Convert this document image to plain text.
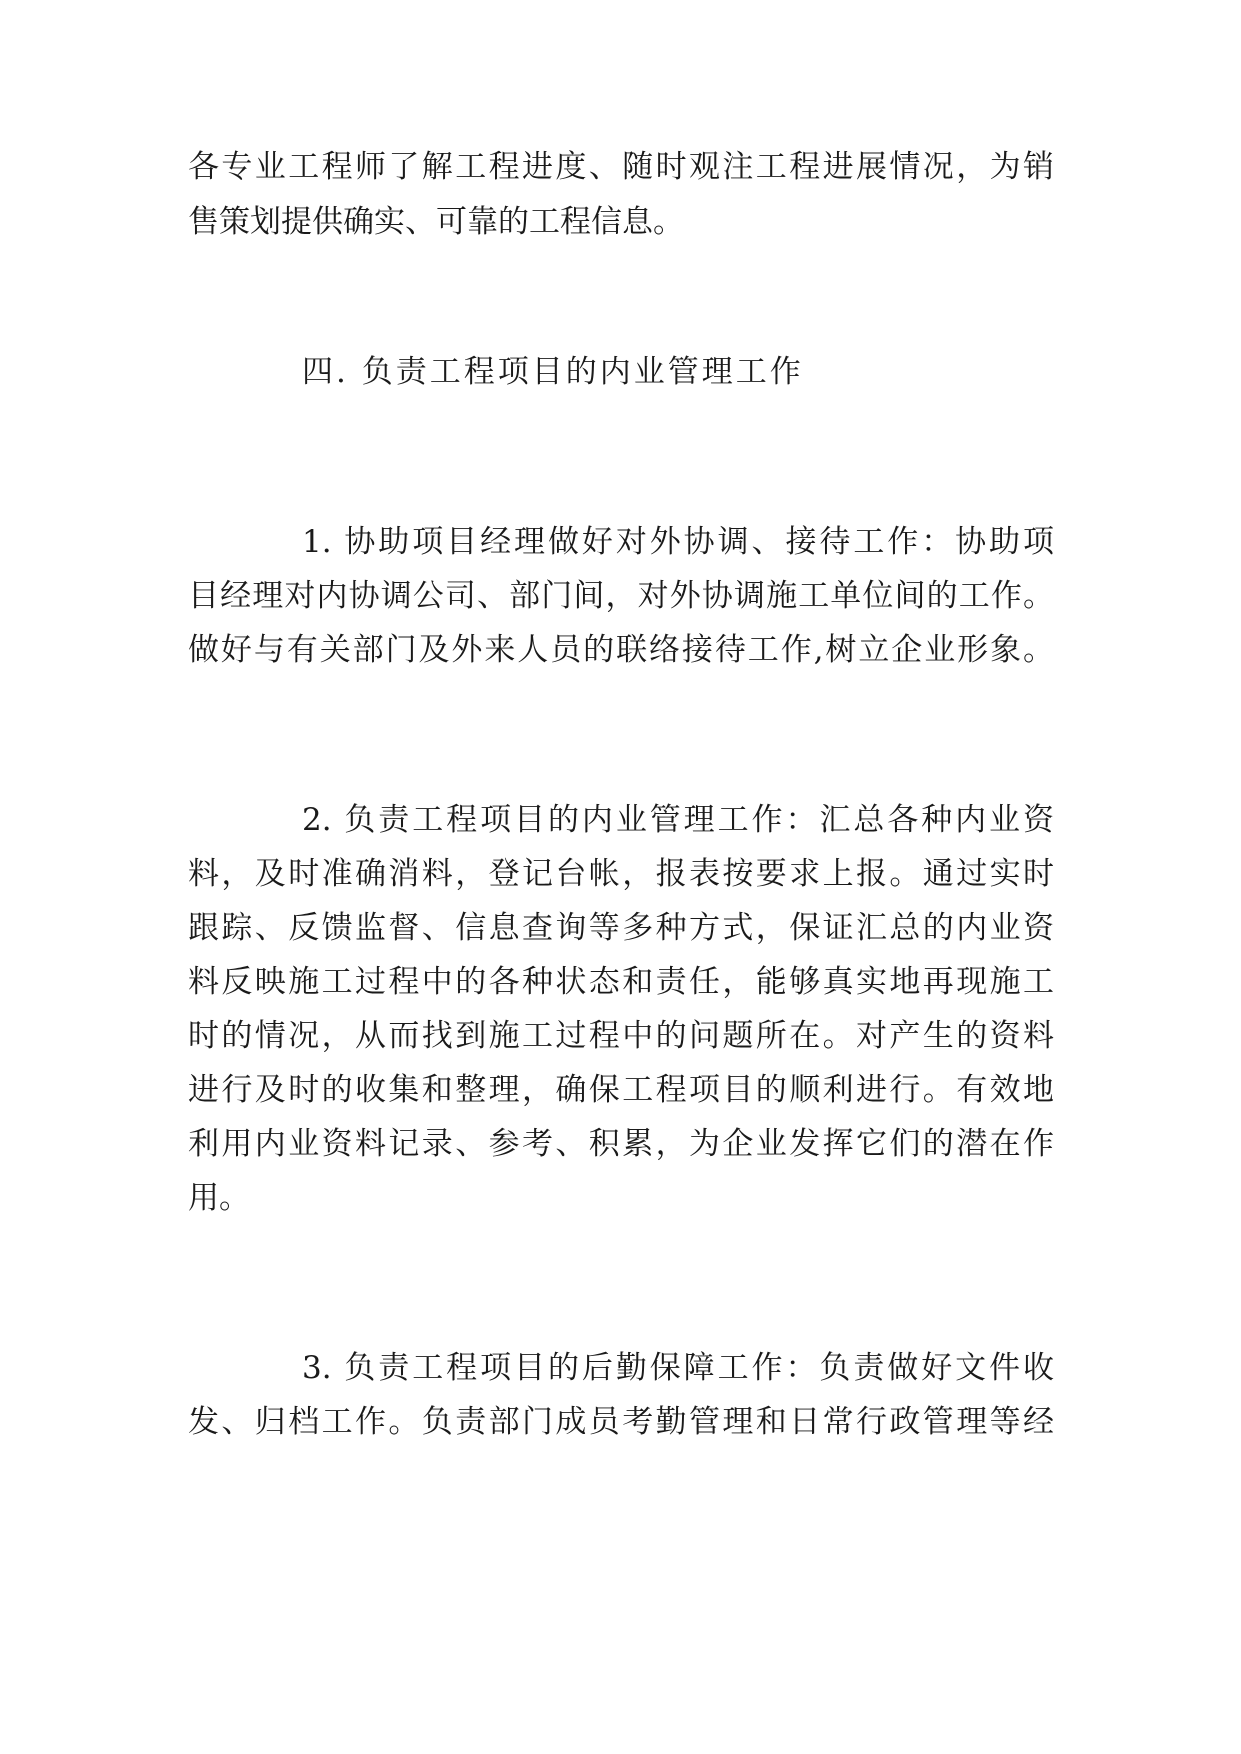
各专业工程师了解工程进度、随时观注工程进展情况，为销
售策划提供确实、可靠的工程信息。
四. 负责工程项目的内业管理工作
1. 协助项目经理做好对外协调、接待工作：协助项
目经理对内协调公司、部门间，对外协调施工单位间的工作。
做好与有关部门及外来人员的联络接待工作,树立企业形象。
2. 负责工程项目的内业管理工作：汇总各种内业资
料，及时准确消料，登记台帐，报表按要求上报。通过实时
跟踪、反馈监督、信息查询等多种方式，保证汇总的内业资
料反映施工过程中的各种状态和责任，能够真实地再现施工
时的情况，从而找到施工过程中的问题所在。对产生的资料
进行及时的收集和整理，确保工程项目的顺利进行。有效地
利用内业资料记录、参考、积累，为企业发挥它们的潜在作
用。
3. 负责工程项目的后勤保障工作：负责做好文件收
发、归档工作。负责部门成员考勤管理和日常行政管理等经
